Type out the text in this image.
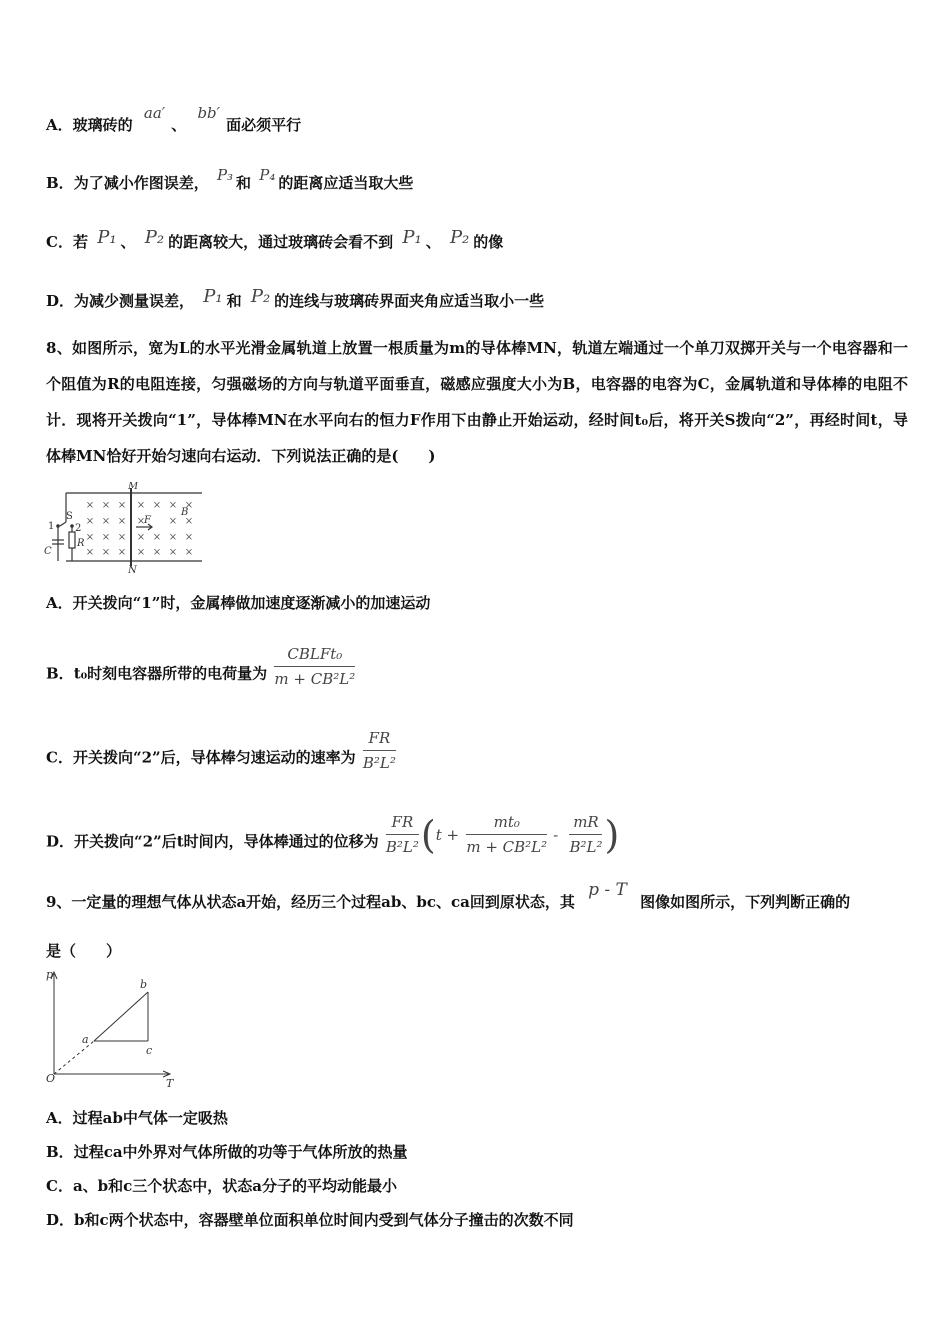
A．玻璃砖的 aa′、 bb′面必须平行
B．为了减小作图误差， P₃ 和 P₄ 的距离应适当取大些
C．若 P₁ 、 P₂ 的距离较大，通过玻璃砖会看不到 P₁ 、 P₂ 的像
D．为减少测量误差， P₁ 和 P₂ 的连线与玻璃砖界面夹角应适当取小一些
8、如图所示，宽为L的水平光滑金属轨道上放置一根质量为m的导体棒MN，轨道左端通过一个单刀双掷开关与一个电容器和一个阻值为R的电阻连接，匀强磁场的方向与轨道平面垂直，磁感应强度大小为B，电容器的电容为C，金属轨道和导体棒的电阻不计．现将开关拨向“1”，导体棒MN在水平向右的恒力F作用下由静止开始运动，经时间t₀后，将开关S拨向“2”，再经时间t，导体棒MN恰好开始匀速向右运动．下列说法正确的是(　　)
× × × × × × ×
× × × × × ×
× × × × × × ×
× × × × × × ×
M
N
B
F
C
R
S
1 2
A．开关拨向“1”时，金属棒做加速度逐渐减小的加速运动
B．t₀时刻电容器所带的电荷量为 $\frac{\text{CBLFt₀}}{\text{m + CB²L²}}$
C．开关拨向“2”后，导体棒匀速运动的速率为 $\frac{FR}{\text{B²L²}}$
D．开关拨向“2”后t时间内，导体棒通过的位移为 $\frac{FR}{\text{B²L²}} (t + \frac{\text{mt₀}}{\text{m + CB²L²}} - \frac{mR}{\text{B²L²}}$ )
9、一定量的理想气体从状态a开始，经历三个过程ab、bc、ca回到原状态，其 p - T 图像如图所示，下列判断正确的
是（　　）
p
T
O
a
b
c
A．过程ab中气体一定吸热
B．过程ca中外界对气体所做的功等于气体所放的热量
C．a、b和c三个状态中，状态a分子的平均动能最小
D．b和c两个状态中，容器壁单位面积单位时间内受到气体分子撞击的次数不同
